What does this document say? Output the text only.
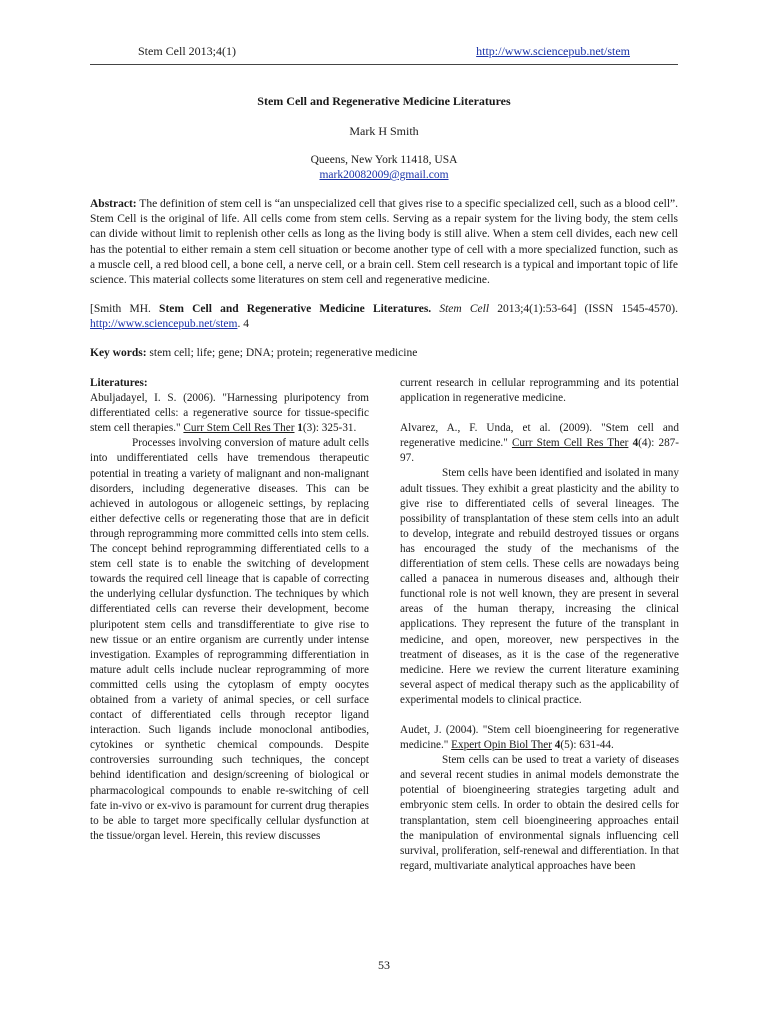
Stem Cell 2013;4(1)	http://www.sciencepub.net/stem
Stem Cell and Regenerative Medicine Literatures
Mark H Smith
Queens, New York 11418, USA
mark20082009@gmail.com
Abstract: The definition of stem cell is “an unspecialized cell that gives rise to a specific specialized cell, such as a blood cell”. Stem Cell is the original of life. All cells come from stem cells. Serving as a repair system for the living body, the stem cells can divide without limit to replenish other cells as long as the living body is still alive. When a stem cell divides, each new cell has the potential to either remain a stem cell situation or become another type of cell with a more specialized function, such as a muscle cell, a red blood cell, a bone cell, a nerve cell, or a brain cell. Stem cell research is a typical and important topic of life science. This material collects some literatures on stem cell and regenerative medicine.
[Smith MH. Stem Cell and Regenerative Medicine Literatures. Stem Cell 2013;4(1):53-64] (ISSN 1545-4570). http://www.sciencepub.net/stem. 4
Key words: stem cell; life; gene; DNA; protein; regenerative medicine

Literatures:

Abuljadayel, I. S. (2006). "Harnessing pluripotency from differentiated cells: a regenerative source for tissue-specific stem cell therapies." Curr Stem Cell Res Ther 1(3): 325-31.

Processes involving conversion of mature adult cells into undifferentiated cells have tremendous therapeutic potential in treating a variety of malignant and non-malignant disorders, including degenerative diseases. This can be achieved in autologous or allogeneic settings, by replacing either defective cells or regenerating those that are in deficit through reprogramming more committed cells into stem cells. The concept behind reprogramming differentiated cells to a stem cell state is to enable the switching of development towards the required cell lineage that is capable of correcting the underlying cellular dysfunction. The techniques by which differentiated cells can reverse their development, become pluripotent stem cells and transdifferentiate to give rise to new tissue or an entire organism are currently under intense investigation. Examples of reprogramming differentiation in mature adult cells include nuclear reprogramming of more committed cells using the cytoplasm of empty oocytes obtained from a variety of animal species, or cell surface contact of differentiated cells through receptor ligand interaction. Such ligands include monoclonal antibodies, cytokines or synthetic chemical compounds. Despite controversies surrounding such techniques, the concept behind identification and design/screening of biological or pharmacological compounds to enable re-switching of cell fate in-vivo or ex-vivo is paramount for current drug therapies to be able to target more specifically cellular dysfunction at the tissue/organ level. Herein, this review discusses

current research in cellular reprogramming and its potential application in regenerative medicine.

Alvarez, A., F. Unda, et al. (2009). "Stem cell and regenerative medicine." Curr Stem Cell Res Ther 4(4): 287-97.

Stem cells have been identified and isolated in many adult tissues. They exhibit a great plasticity and the ability to give rise to differentiated cells of several lineages. The possibility of transplantation of these stem cells into an adult to develop, integrate and rebuild destroyed tissues or organs has encouraged the study of the mechanisms of the differentiation of stem cells. These cells are nowadays being called a panacea in numerous diseases and, although their functional role is not well known, they are present in several areas of the human therapy, increasing the clinical applications. They represent the future of the transplant in medicine, and open, moreover, new perspectives in the treatment of diseases, as it is the case of the regenerative medicine. Here we review the current literature examining several aspect of medical therapy such as the applicability of experimental models to clinical practice.

Audet, J. (2004). "Stem cell bioengineering for regenerative medicine." Expert Opin Biol Ther 4(5): 631-44.

Stem cells can be used to treat a variety of diseases and several recent studies in animal models demonstrate the potential of bioengineering strategies targeting adult and embryonic stem cells. In order to obtain the desired cells for transplantation, stem cell bioengineering approaches entail the manipulation of environmental signals influencing cell survival, proliferation, self-renewal and differentiation. In that regard, multivariate analytical approaches have been

53
